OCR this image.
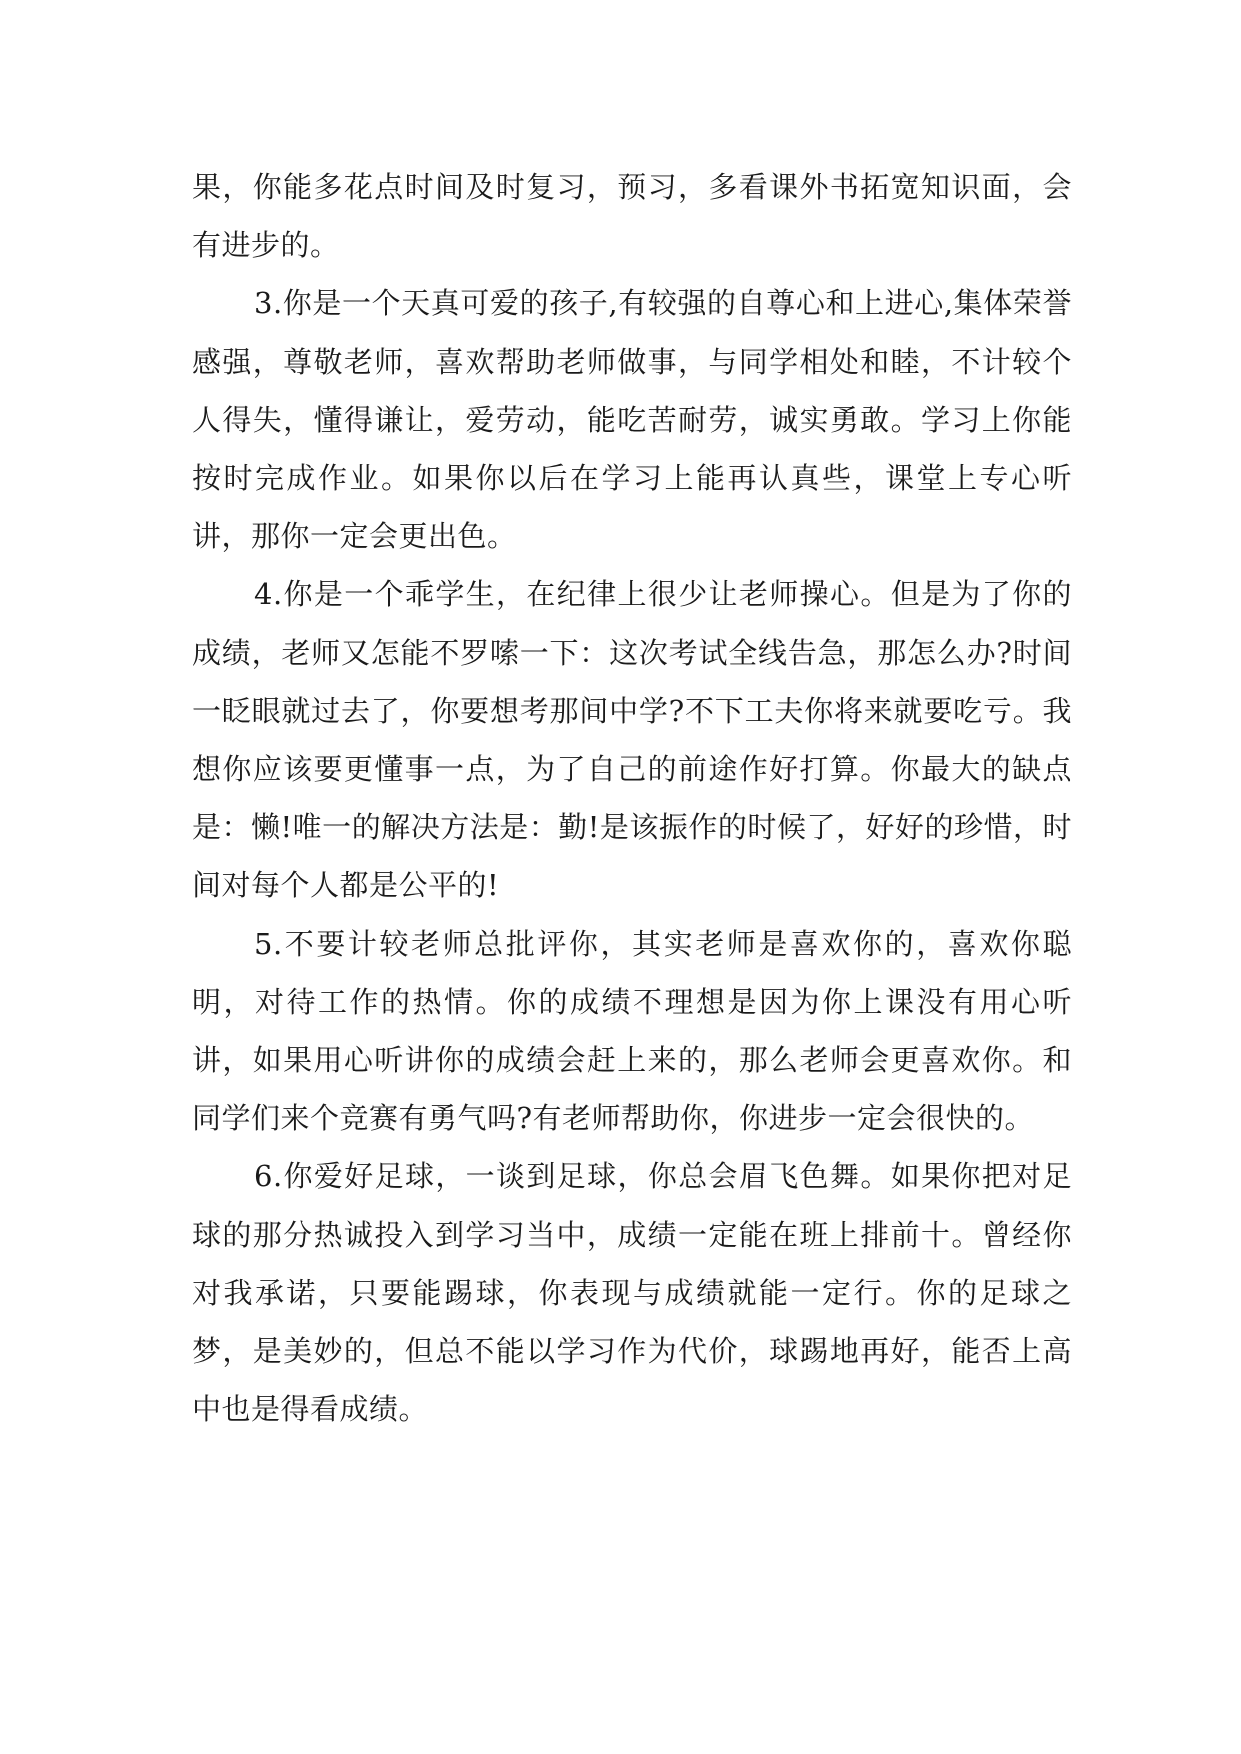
果，你能多花点时间及时复习，预习，多看课外书拓宽知识面，会有进步的。

3.你是一个天真可爱的孩子,有较强的自尊心和上进心,集体荣誉感强，尊敬老师，喜欢帮助老师做事，与同学相处和睦，不计较个人得失，懂得谦让，爱劳动，能吃苦耐劳，诚实勇敢。学习上你能按时完成作业。如果你以后在学习上能再认真些，课堂上专心听讲，那你一定会更出色。

4.你是一个乖学生，在纪律上很少让老师操心。但是为了你的成绩，老师又怎能不罗嗦一下：这次考试全线告急，那怎么办?时间一眨眼就过去了，你要想考那间中学?不下工夫你将来就要吃亏。我想你应该要更懂事一点，为了自己的前途作好打算。你最大的缺点是：懒!唯一的解决方法是：勤!是该振作的时候了，好好的珍惜，时间对每个人都是公平的!

5.不要计较老师总批评你，其实老师是喜欢你的，喜欢你聪明，对待工作的热情。你的成绩不理想是因为你上课没有用心听讲，如果用心听讲你的成绩会赶上来的，那么老师会更喜欢你。和同学们来个竞赛有勇气吗?有老师帮助你，你进步一定会很快的。

6.你爱好足球，一谈到足球，你总会眉飞色舞。如果你把对足球的那分热诚投入到学习当中，成绩一定能在班上排前十。曾经你对我承诺，只要能踢球，你表现与成绩就能一定行。你的足球之梦，是美妙的，但总不能以学习作为代价，球踢地再好，能否上高中也是得看成绩。
